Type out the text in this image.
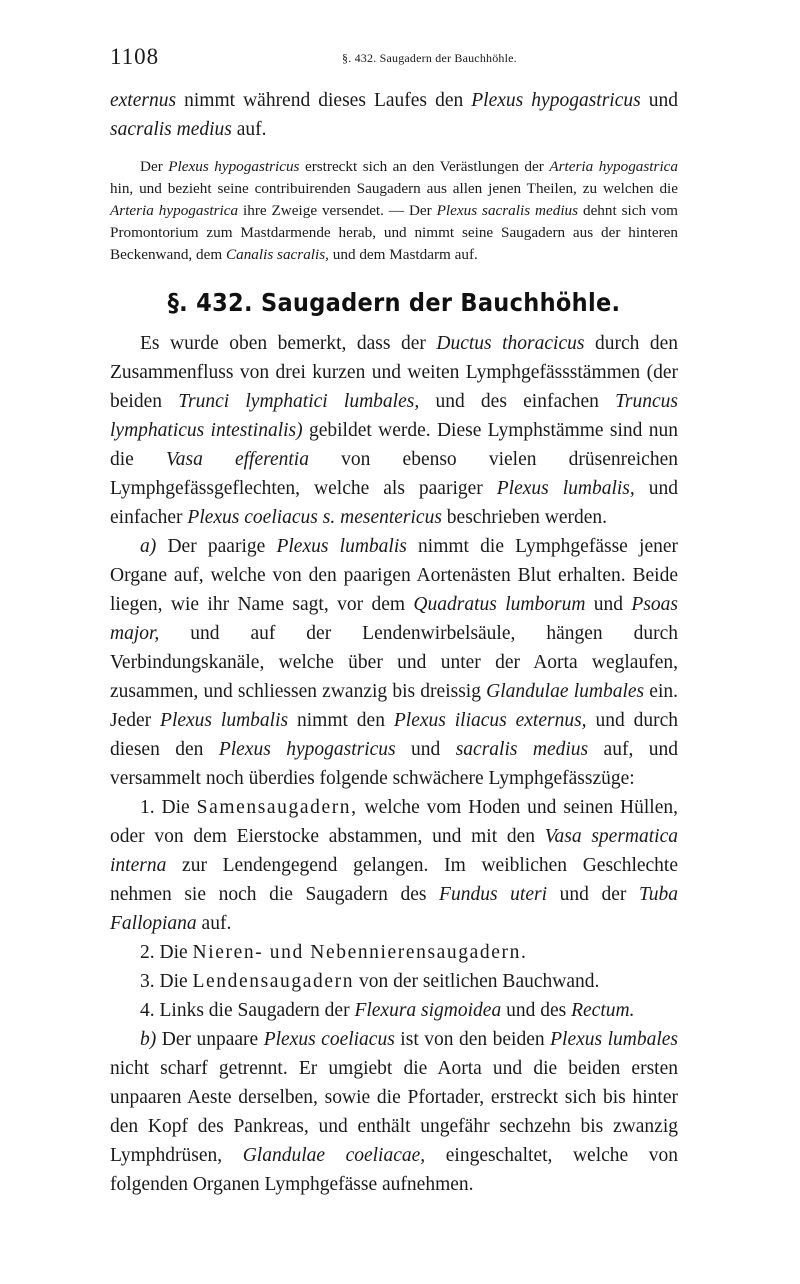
1108	§. 432. Saugadern der Bauchhöhle.

externus nimmt während dieses Laufes den Plexus hypogastricus und sacralis medius auf.

Der Plexus hypogastricus erstreckt sich an den Verästlungen der Arteria hypogastrica hin, und bezieht seine contribuirenden Saugadern aus allen jenen Theilen, zu welchen die Arteria hypogastrica ihre Zweige versendet. — Der Plexus sacralis medius dehnt sich vom Promontorium zum Mastdarmende herab, und nimmt seine Saugadern aus der hinteren Beckenwand, dem Canalis sacralis, und dem Mastdarm auf.

§. 432. Saugadern der Bauchhöhle.

Es wurde oben bemerkt, dass der Ductus thoracicus durch den Zusammenfluss von drei kurzen und weiten Lymphgefässstämmen (der beiden Trunci lymphatici lumbales, und des einfachen Truncus lymphaticus intestinalis) gebildet werde. Diese Lymphstämme sind nun die Vasa efferentia von ebenso vielen drüsenreichen Lymphgefässgeflechten, welche als paariger Plexus lumbalis, und einfacher Plexus coeliacus s. mesentericus beschrieben werden.

a) Der paarige Plexus lumbalis nimmt die Lymphgefässe jener Organe auf, welche von den paarigen Aortenästen Blut erhalten. Beide liegen, wie ihr Name sagt, vor dem Quadratus lumborum und Psoas major, und auf der Lendenwirbelsäule, hängen durch Verbindungskanäle, welche über und unter der Aorta weglaufen, zusammen, und schliessen zwanzig bis dreissig Glandulae lumbales ein. Jeder Plexus lumbalis nimmt den Plexus iliacus externus, und durch diesen den Plexus hypogastricus und sacralis medius auf, und versammelt noch überdies folgende schwächere Lymphgefässzüge:

1. Die Samensaugadern, welche vom Hoden und seinen Hüllen, oder von dem Eierstocke abstammen, und mit den Vasa spermatica interna zur Lendengegend gelangen. Im weiblichen Geschlechte nehmen sie noch die Saugadern des Fundus uteri und der Tuba Fallopiana auf.

2. Die Nieren- und Nebennierensaugadern.

3. Die Lendensaugadern von der seitlichen Bauchwand.

4. Links die Saugadern der Flexura sigmoidea und des Rectum.

b) Der unpaare Plexus coeliacus ist von den beiden Plexus lumbales nicht scharf getrennt. Er umgiebt die Aorta und die beiden ersten unpaaren Aeste derselben, sowie die Pfortader, erstreckt sich bis hinter den Kopf des Pankreas, und enthält ungefähr sechzehn bis zwanzig Lymphdrüsen, Glandulae coeliacae, eingeschaltet, welche von folgenden Organen Lymphgefässe aufnehmen.
